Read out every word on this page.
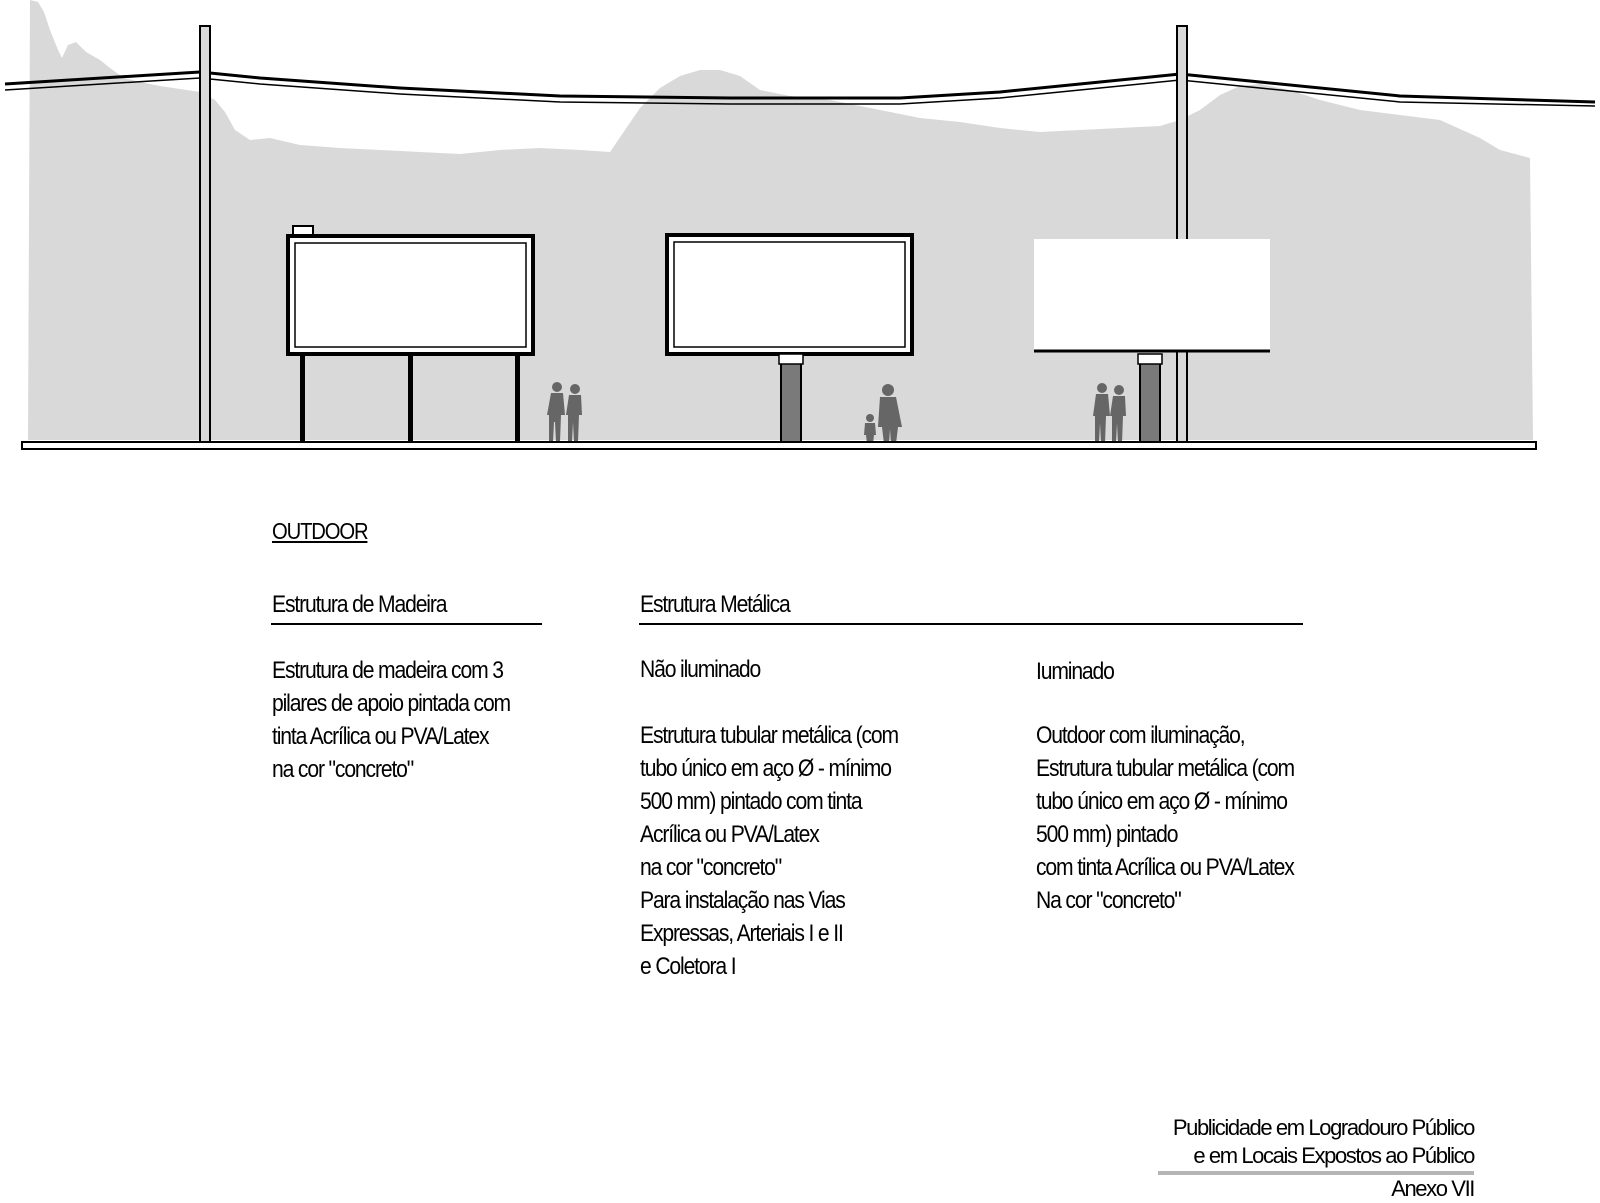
OUTDOOR
Estrutura de Madeira
Estrutura de madeira com 3
pilares de apoio pintada com
tinta Acrílica ou PVA/Latex
na cor "concreto"
Estrutura Metálica
Não iluminado
Estrutura tubular metálica (com
tubo único em aço Ø - mínimo
500 mm) pintado com tinta
Acrílica ou PVA/Latex
na cor "concreto"
Para instalação nas Vias
Expressas, Arteriais I e II
e Coletora I
Iuminado
Outdoor com iluminação,
Estrutura tubular metálica (com
tubo único em aço Ø - mínimo
500 mm) pintado
com tinta Acrílica ou PVA/Latex
Na cor "concreto"
Publicidade em Logradouro Público
e em Locais Expostos ao Público
Anexo VII
